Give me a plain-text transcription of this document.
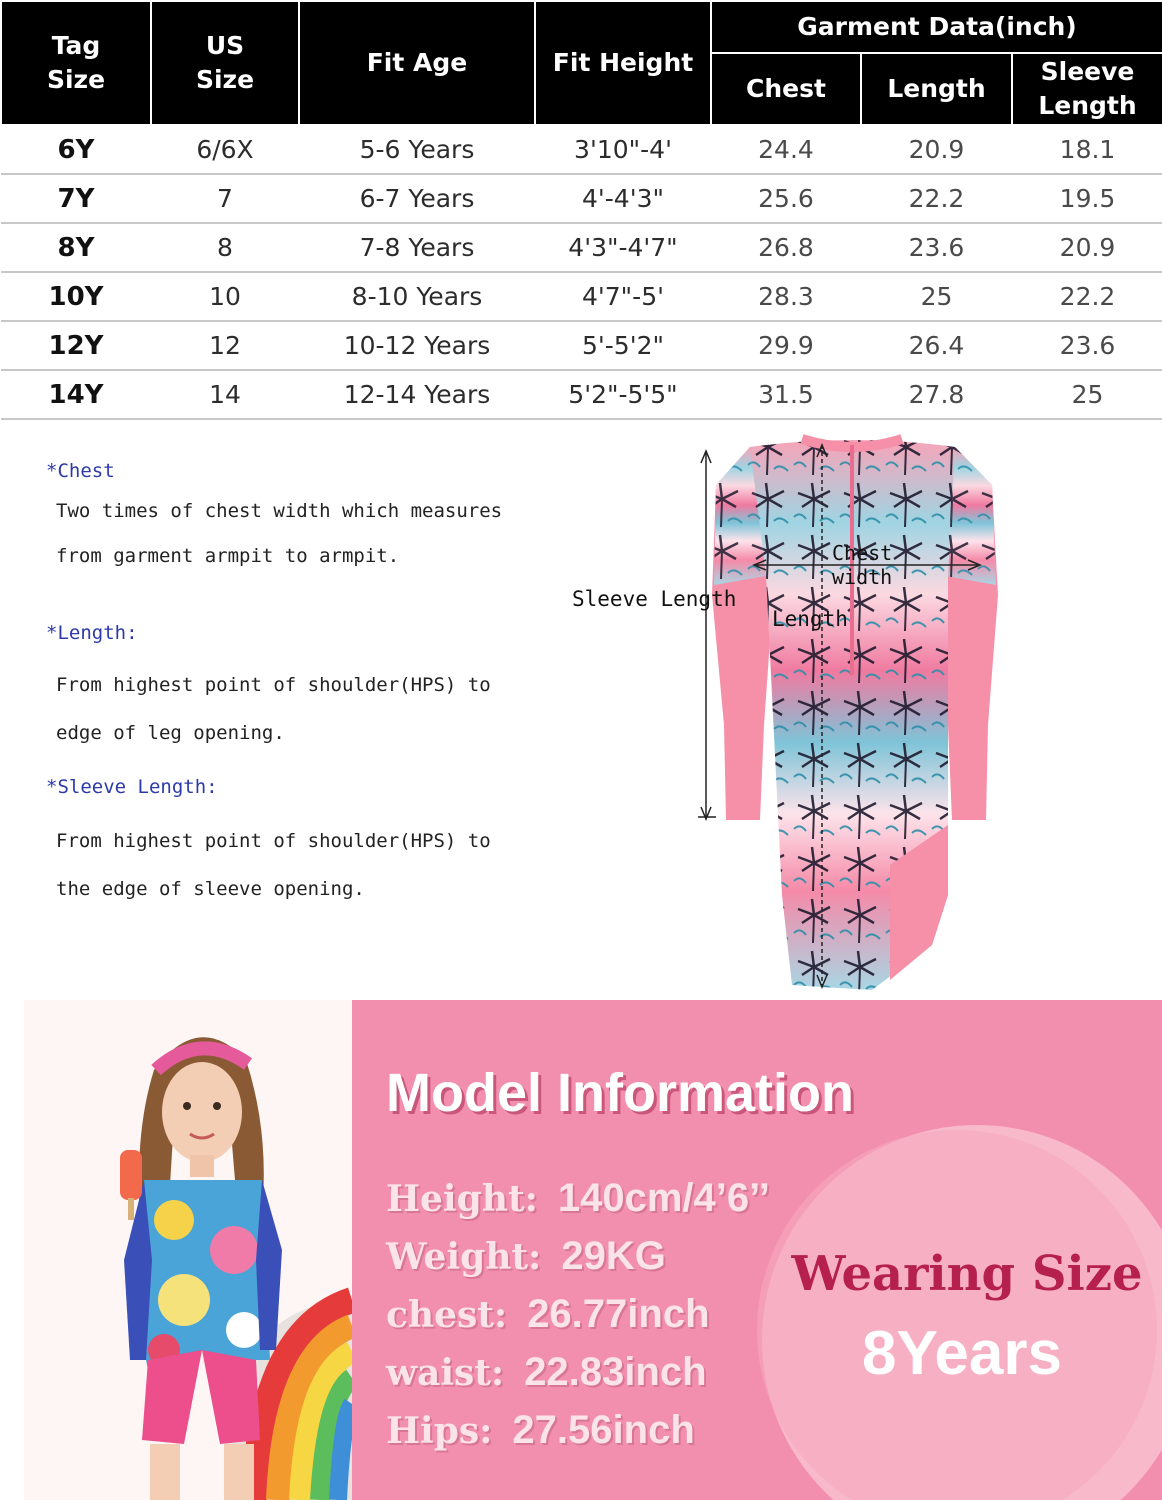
Tag Size	US Size	Fit Age	Fit Height	Garment Data(inch)		
				Chest	Length	Sleeve Length
6Y	6/6X	5-6 Years	3'10"-4'	24.4	20.9	18.1
7Y	7	6-7 Years	4'-4'3"	25.6	22.2	19.5
8Y	8	7-8 Years	4'3"-4'7"	26.8	23.6	20.9
10Y	10	8-10 Years	4'7"-5'	28.3	25	22.2
12Y	12	10-12 Years	5'-5'2"	29.9	26.4	23.6
14Y	14	12-14 Years	5'2"-5'5"	31.5	27.8	25
*Chest
Two times of chest width which measures
from garment armpit to armpit.
*Length:
From highest point of shoulder(HPS) to
edge of leg opening.
*Sleeve Length:
From highest point of shoulder(HPS) to
the edge of sleeve opening.
Sleeve Length
Chest
width
Length
Model Information
Height: 140cm/4’6’’
Weight: 29KG
chest: 26.77inch
waist: 22.83inch
Hips: 27.56inch
Wearing Size
8Years
